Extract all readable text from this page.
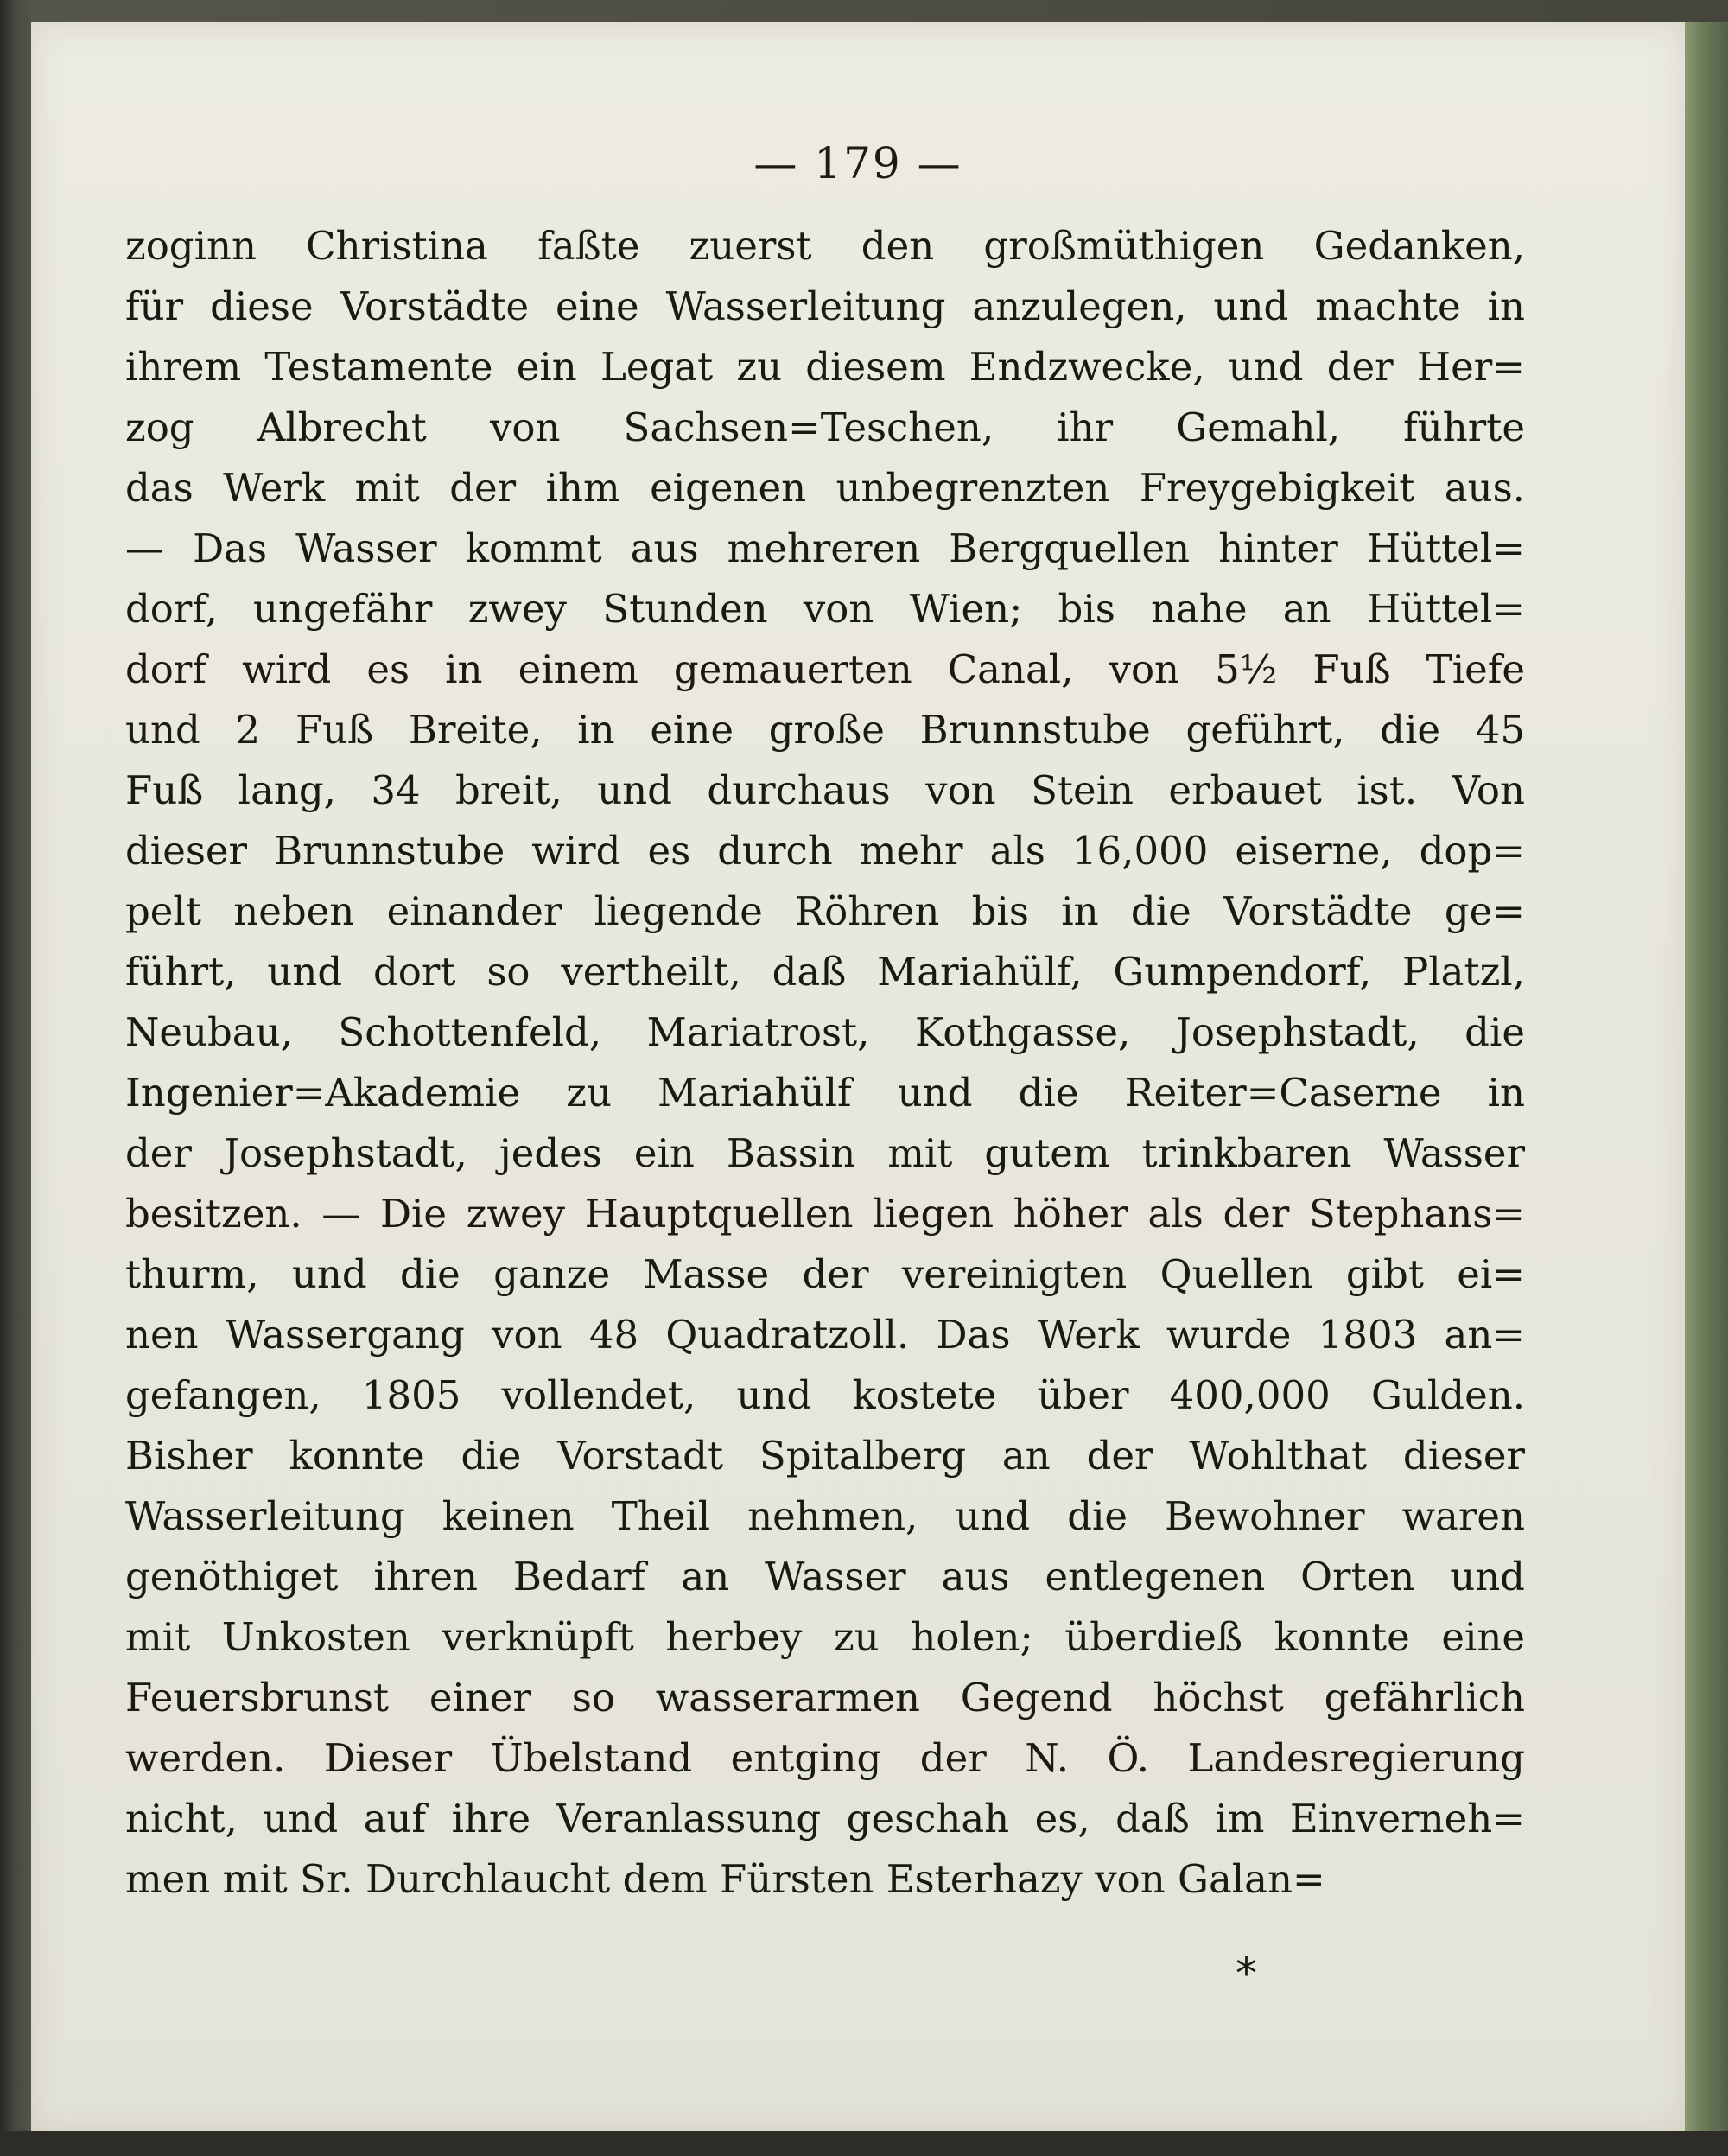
— 179 —
zoginn Christina faßte zuerst den großmüthigen Gedanken,
für diese Vorstädte eine Wasserleitung anzulegen, und machte in
ihrem Testamente ein Legat zu diesem Endzwecke, und der Her=
zog Albrecht von Sachsen=Teschen, ihr Gemahl, führte
das Werk mit der ihm eigenen unbegrenzten Freygebigkeit aus.
— Das Wasser kommt aus mehreren Bergquellen hinter Hüttel=
dorf, ungefähr zwey Stunden von Wien; bis nahe an Hüttel=
dorf wird es in einem gemauerten Canal, von 5½ Fuß Tiefe
und 2 Fuß Breite, in eine große Brunnstube geführt, die 45
Fuß lang, 34 breit, und durchaus von Stein erbauet ist. Von
dieser Brunnstube wird es durch mehr als 16,000 eiserne, dop=
pelt neben einander liegende Röhren bis in die Vorstädte ge=
führt, und dort so vertheilt, daß Mariahülf, Gumpendorf, Platzl,
Neubau, Schottenfeld, Mariatrost, Kothgasse, Josephstadt, die
Ingenier=Akademie zu Mariahülf und die Reiter=Caserne in
der Josephstadt, jedes ein Bassin mit gutem trinkbaren Wasser
besitzen. — Die zwey Hauptquellen liegen höher als der Stephans=
thurm, und die ganze Masse der vereinigten Quellen gibt ei=
nen Wassergang von 48 Quadratzoll. Das Werk wurde 1803 an=
gefangen, 1805 vollendet, und kostete über 400,000 Gulden.
Bisher konnte die Vorstadt Spitalberg an der Wohlthat dieser
Wasserleitung keinen Theil nehmen, und die Bewohner waren
genöthiget ihren Bedarf an Wasser aus entlegenen Orten und
mit Unkosten verknüpft herbey zu holen; überdieß konnte eine
Feuersbrunst einer so wasserarmen Gegend höchst gefährlich
werden. Dieser Übelstand entging der N. Ö. Landesregierung
nicht, und auf ihre Veranlassung geschah es, daß im Einverneh=
men mit Sr. Durchlaucht dem Fürsten Esterhazy von Galan=
*
